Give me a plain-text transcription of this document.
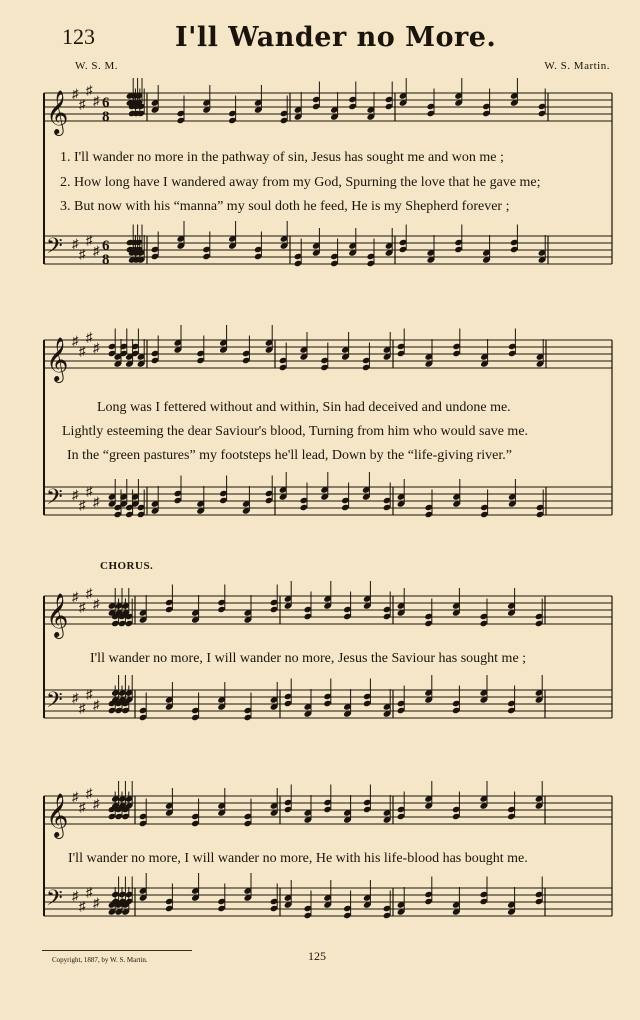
123	I'll Wander no More.
W. S. M.	W. S. Martin.
𝄞 ♯
♯
♯
♯ 6
8
𝄢 ♯
♯
♯
♯ 6
8
𝄞 ♯
♯
♯
♯
𝄢 ♯
♯
♯
♯
𝄞 ♯
♯
♯
♯
𝄢 ♯
♯
♯
♯
𝄞 ♯
♯
♯
♯
𝄢 ♯
♯
♯
♯
1. I'll wander no more in the pathway of sin, Jesus has sought me and won me ;
2. How long have I wandered away from my God, Spurning the love that he gave me;
3. But now with his “manna” my soul doth he feed, He is my Shepherd forever ;
Long was I fettered without and within, Sin had deceived and undone me.
Lightly esteeming the dear Saviour's blood, Turning from him who would save me.
In the “green pastures” my footsteps he'll lead, Down by the “life-giving river.”
CHORUS.
I'll wander no more, I will wander no more, Jesus the Saviour has sought me ;
I'll wander no more, I will wander no more, He with his life-blood has bought me.
Copyright, 1887, by W. S. Martin.	125
